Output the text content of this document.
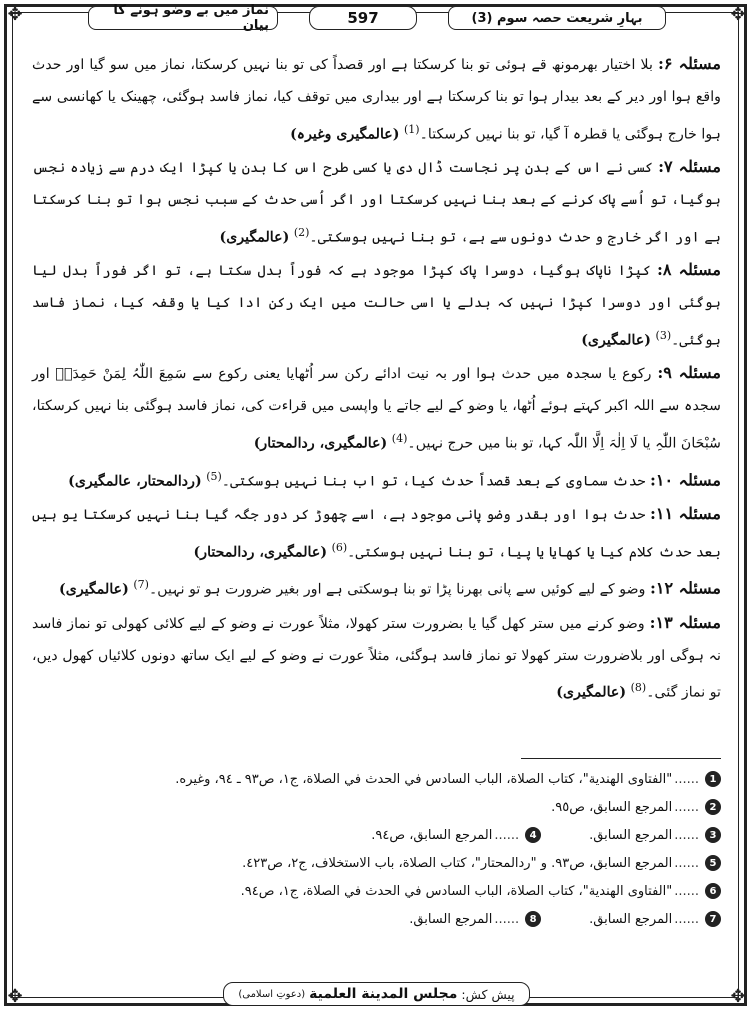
✥	✥
✥	✥
بہارِ شریعت حصہ سوم (3)
597
نماز میں بے وضو ہونے کا بیان

مسئلہ ۶: بلا اختیار بھرمونھ قے ہوئی تو بنا کرسکتا ہے اور قصداً کی تو بنا نہیں کرسکتا، نماز میں سو گیا اور حدث واقع ہوا اور دیر کے بعد بیدار ہوا تو بنا کرسکتا ہے اور بیداری میں توقف کیا، نماز فاسد ہوگئی، چھینک یا کھانسی سے ہوا خارج ہوگئی یا قطرہ آ گیا، تو بنا نہیں کرسکتا۔$^{(1)}$ (عالمگیری وغیرہ)

مسئلہ ۷: کسی نے اس کے بدن پر نجاست ڈال دی یا کسی طرح اس کا بدن یا کپڑا ایک درم سے زیادہ نجس ہوگیا، تو اُسے پاک کرنے کے بعد بنا نہیں کرسکتا اور اگر اُسی حدث کے سبب نجس ہوا تو بنا کرسکتا ہے اور اگر خارج و حدث دونوں سے ہے، تو بنا نہیں ہوسکتی۔$^{(2)}$ (عالمگیری)

مسئلہ ۸: کپڑا ناپاک ہوگیا، دوسرا پاک کپڑا موجود ہے کہ فوراً بدل سکتا ہے، تو اگر فوراً بدل لیا ہوگئی اور دوسرا کپڑا نہیں کہ بدلے یا اسی حالت میں ایک رکن ادا کیا یا وقفہ کیا، نماز فاسد ہوگئی۔$^{(3)}$ (عالمگیری)

مسئلہ ۹: رکوع یا سجدہ میں حدث ہوا اور بہ نیت ادائے رکن سر اُٹھایا یعنی رکوع سے سَمِعَ اللّٰہُ لِمَنْ حَمِدَہٗ اور سجدہ سے اللہ اکبر کہتے ہوئے اُٹھا، یا وضو کے لیے جاتے یا واپسی میں قراءت کی، نماز فاسد ہوگئی بنا نہیں کرسکتا، سُبْحَانَ اللّٰہِ یا لَا اِلٰہَ اِلَّا اللّٰہ کہا، تو بنا میں حرج نہیں۔$^{(4)}$ (عالمگیری، ردالمحتار)

مسئلہ ۱۰: حدث سماوی کے بعد قصداً حدث کیا، تو اب بنا نہیں ہوسکتی۔$^{(5)}$ (ردالمحتار، عالمگیری)

مسئلہ ۱۱: حدث ہوا اور بقدر وضو پانی موجود ہے، اسے چھوڑ کر دور جگہ گیا بنا نہیں کرسکتا یو ہیں بعد حدث کلام کیا یا کھایا یا پیا، تو بنا نہیں ہوسکتی۔$^{(6)}$ (عالمگیری، ردالمحتار)

مسئلہ ۱۲: وضو کے لیے کوئیں سے پانی بھرنا پڑا تو بنا ہوسکتی ہے اور بغیر ضرورت ہو تو نہیں۔$^{(7)}$ (عالمگیری)

مسئلہ ۱۳: وضو کرنے میں ستر کھل گیا یا بضرورت ستر کھولا، مثلاً عورت نے وضو کے لیے کلائی کھولی تو نماز فاسد نہ ہوگی اور بلاضرورت ستر کھولا تو نماز فاسد ہوگئی، مثلاً عورت نے وضو کے لیے ایک ساتھ دونوں کلائیاں کھول دیں، تو نماز گئی۔$^{(8)}$ (عالمگیری)

1
......
"الفتاوى الهندية"، كتاب الصلاة، الباب السادس في الحدث في الصلاة، ج١، ص٩٣ ـ ٩٤، وغيره.
2
......
المرجع السابق، ص٩٥.
3
......
المرجع السابق.
4
......
المرجع السابق، ص٩٤.
5
......
المرجع السابق، ص٩٣. و "ردالمحتار"، كتاب الصلاة، باب الاستخلاف، ج٢، ص٤٢٣.
6
......
"الفتاوى الهندية"، كتاب الصلاة، الباب السادس في الحدث في الصلاة، ج١، ص٩٤.
7
......
المرجع السابق.
8
......
المرجع السابق.
پیش کش:
مجلس المدينة العلمية
(دعوتِ اسلامی)
